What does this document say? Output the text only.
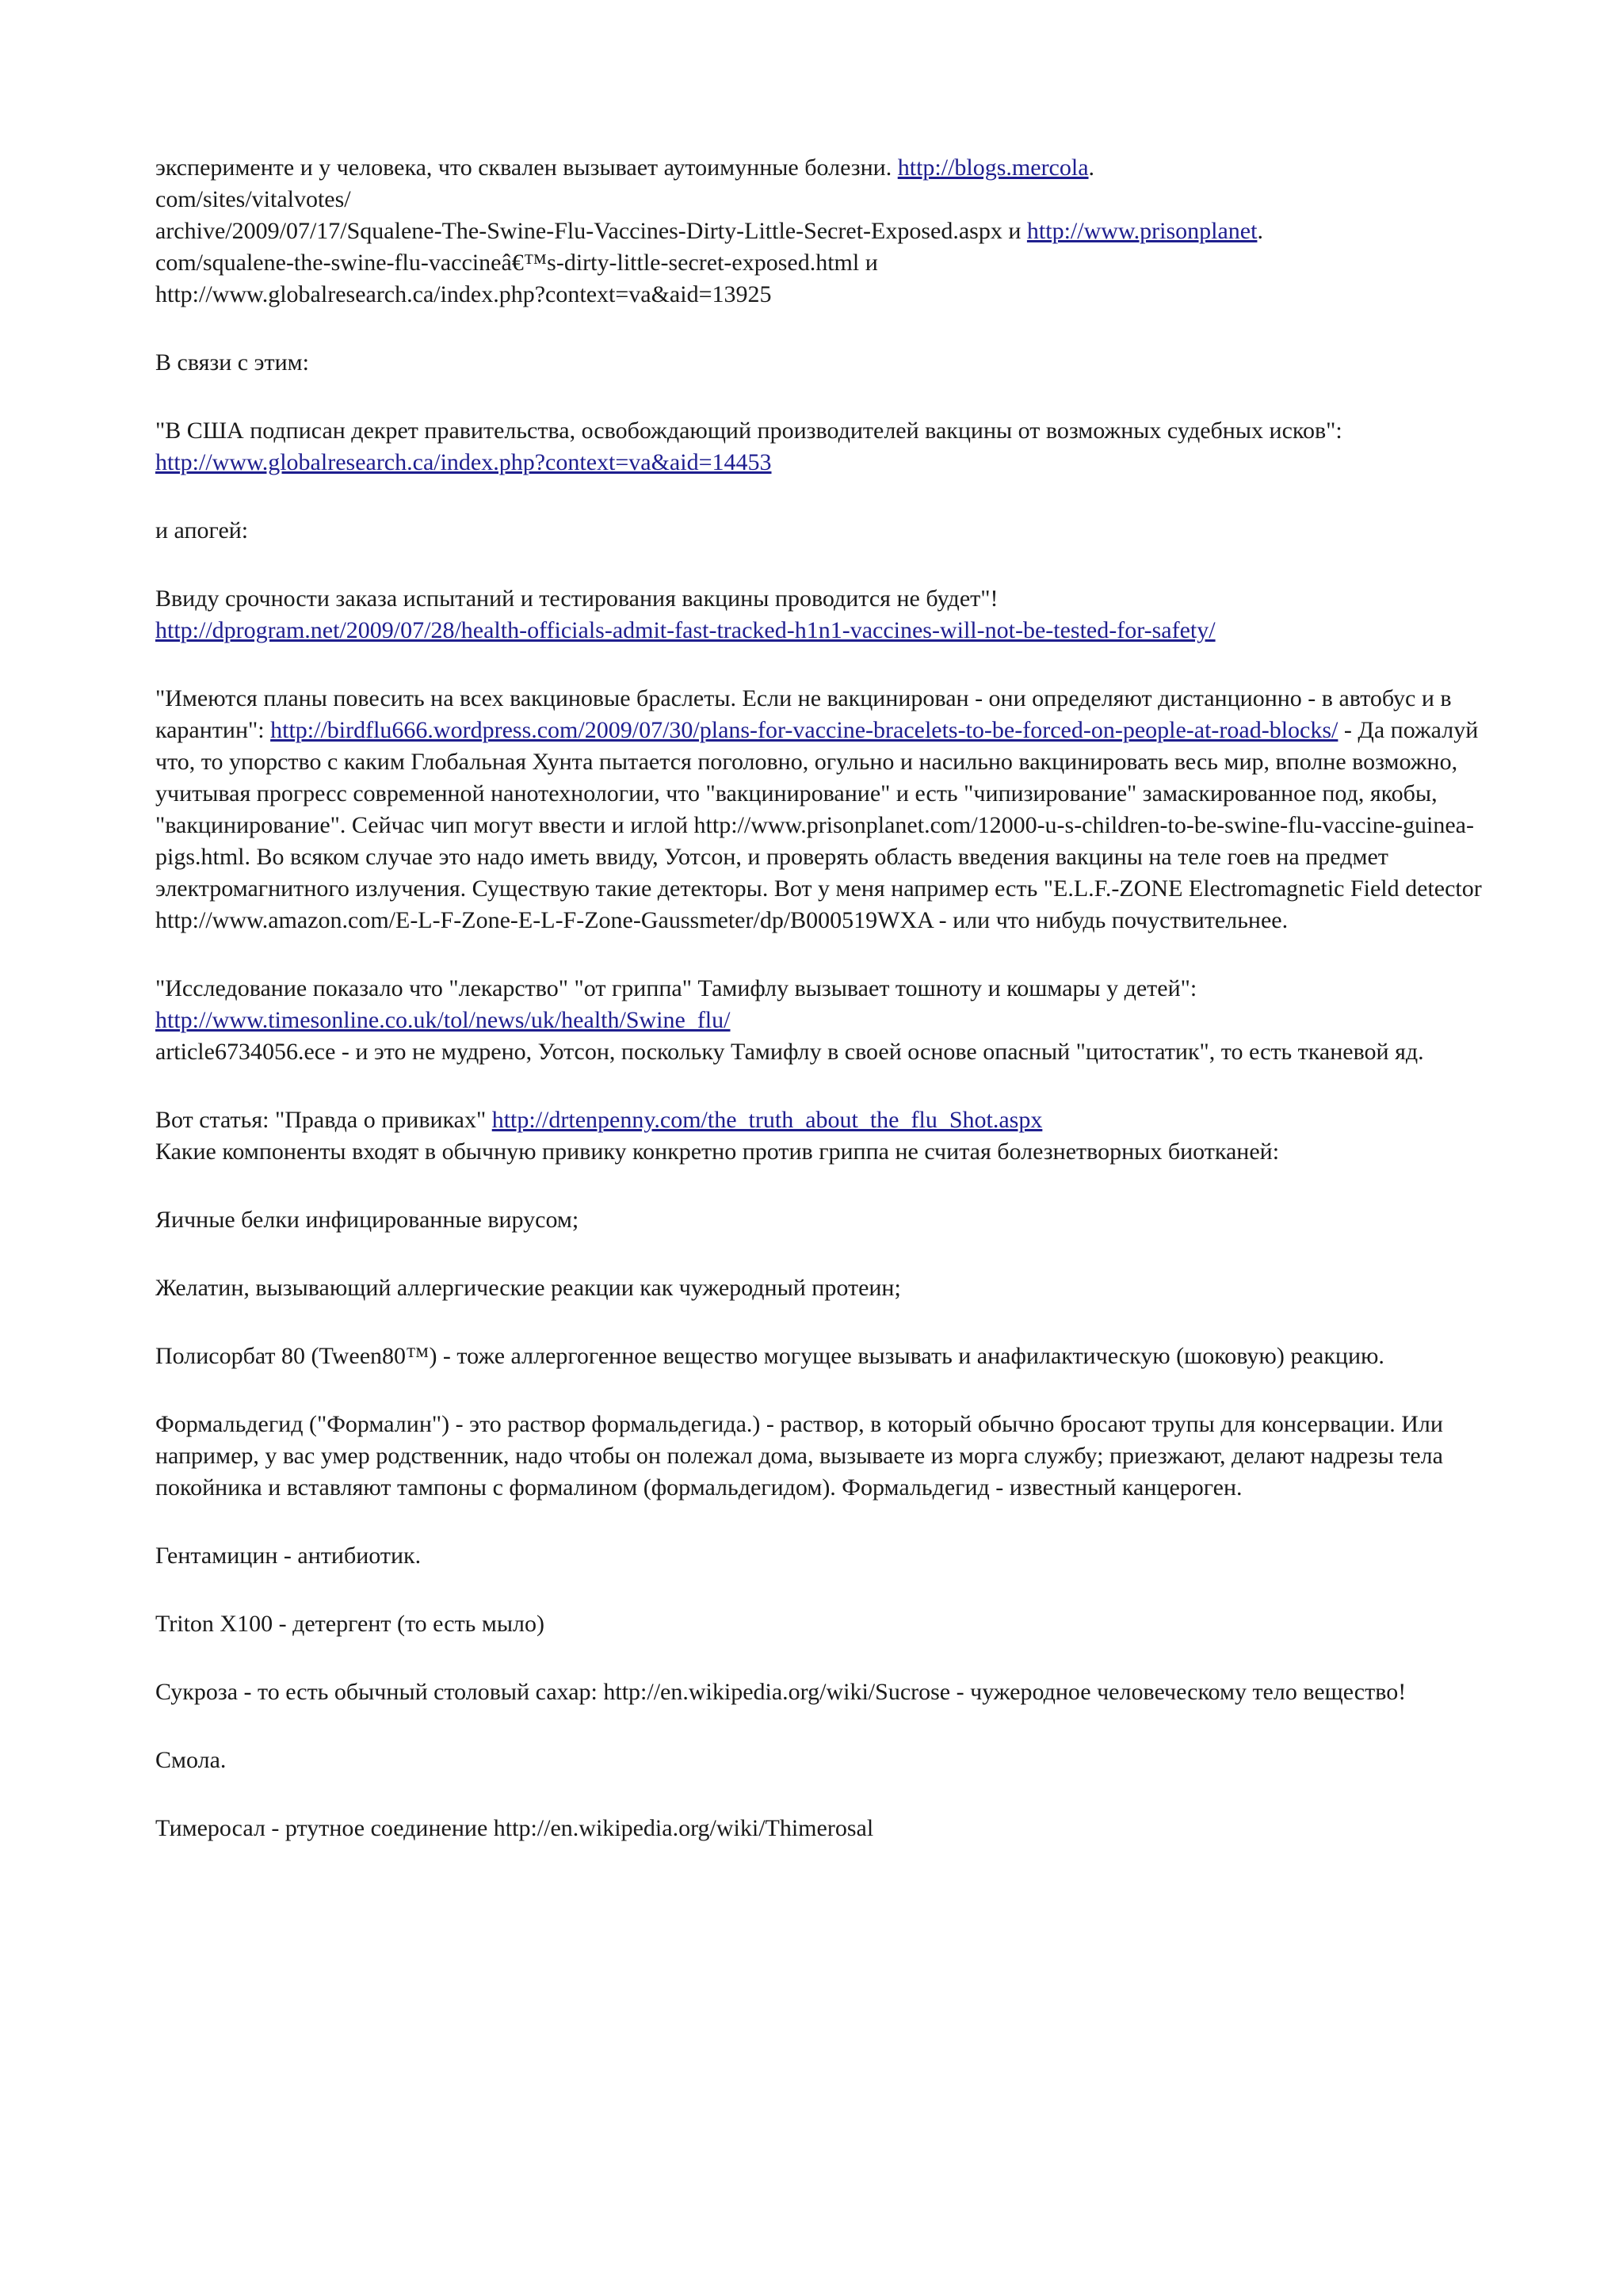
эксперименте и у человека, что сквален вызывает аутоимунные болезни. http://blogs.mercola.
com/sites/vitalvotes/
archive/2009/07/17/Squalene-The-Swine-Flu-Vaccines-Dirty-Little-Secret-Exposed.aspx и http://www.prisonplanet.
com/squalene-the-swine-flu-vaccineâ€™s-dirty-little-secret-exposed.html и
http://www.globalresearch.ca/index.php?context=va&aid=13925

В связи с этим:

"В США подписан декрет правительства, освобождающий производителей вакцины от возможных судебных исков": http://www.globalresearch.ca/index.php?context=va&aid=14453

и апогей:

Ввиду срочности заказа испытаний и тестирования вакцины проводится не будет"!
http://dprogram.net/2009/07/28/health-officials-admit-fast-tracked-h1n1-vaccines-will-not-be-tested-for-safety/

"Имеются планы повесить на всех вакциновые браслеты. Если не вакцинирован - они определяют дистанционно - в автобус и в карантин": http://birdflu666.wordpress.com/2009/07/30/plans-for-vaccine-bracelets-to-be-forced-on-people-at-road-blocks/ - Да пожалуй что, то упорство с каким Глобальная Хунта пытается поголовно, огульно и насильно вакцинировать весь мир, вполне возможно, учитывая прогресс современной нанотехнологии, что "вакцинирование" и есть "чипизирование" замаскированное под, якобы, "вакцинирование". Сейчас чип могут ввести и иглой http://www.prisonplanet.com/12000-u-s-children-to-be-swine-flu-vaccine-guinea-pigs.html. Во всяком случае это надо иметь ввиду, Уотсон, и проверять область введения вакцины на теле гоев на предмет электромагнитного излучения. Существую такие детекторы. Вот у меня например есть "E.L.F.-ZONE Electromagnetic Field detector http://www.amazon.com/E-L-F-Zone-E-L-F-Zone-Gaussmeter/dp/B000519WXA - или что нибудь почуствительнее.

"Исследование показало что "лекарство" "от гриппа" Тамифлу вызывает тошноту и кошмары у детей":
http://www.timesonline.co.uk/tol/news/uk/health/Swine_flu/
article6734056.ece - и это не мудрено, Уотсон, поскольку Тамифлу в своей основе опасный "цитостатик", то есть тканевой яд.

Вот статья: "Правда о привиках" http://drtenpenny.com/the_truth_about_the_flu_Shot.aspx
Какие компоненты входят в обычную привику конкретно против гриппа не считая болезнетворных биотканей:

Яичные белки инфицированные вирусом;

Желатин, вызывающий аллергические реакции как чужеродный протеин;

Полисорбат 80 (Tween80™) - тоже аллергогенное вещество могущее вызывать и анафилактическую (шоковую) реакцию.

Формальдегид ("Формалин") - это раствор формальдегида.) - раствор, в который обычно бросают трупы для консервации. Или например, у вас умер родственник, надо чтобы он полежал дома, вызываете из морга службу; приезжают, делают надрезы тела покойника и вставляют тампоны с формалином (формальдегидом). Формальдегид - известный канцероген.

Гентамицин - антибиотик.

Triton X100 - детергент (то есть мыло)

Сукроза - то есть обычный столовый сахар: http://en.wikipedia.org/wiki/Sucrose - чужеродное человеческому тело вещество!

Смола.

Тимеросал - ртутное соединение http://en.wikipedia.org/wiki/Thimerosal
